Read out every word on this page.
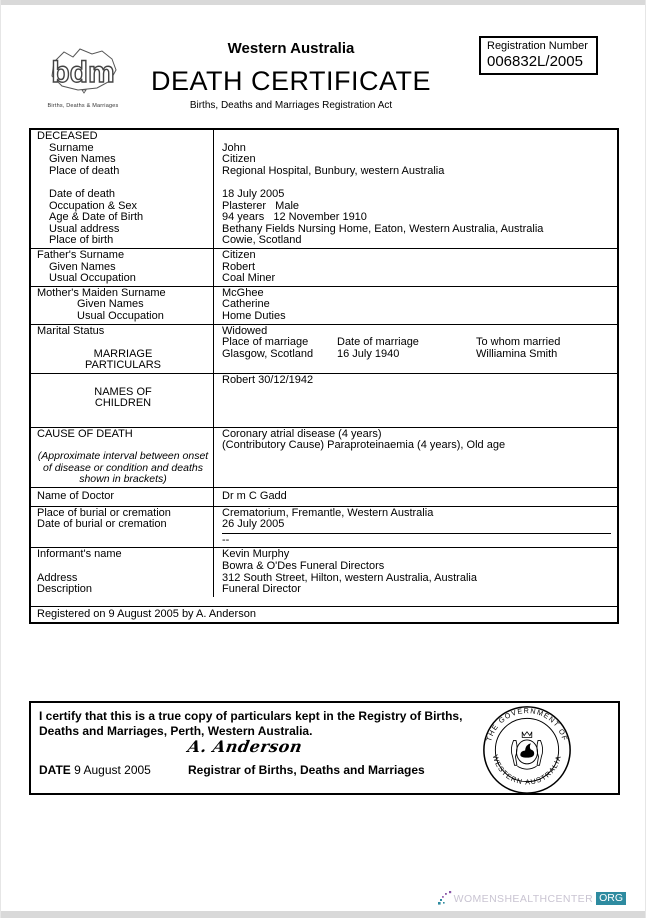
bdm
Births, Deaths & Marriages
Western Australia
DEATH CERTIFICATE
Births, Deaths and Marriages Registration Act
Registration Number
006832L/2005
DECEASED
Surname
Given Names
Place of death
Date of death
Occupation & Sex
Age & Date of Birth
Usual address
Place of birth
John
Citizen
Regional Hospital, Bunbury, western Australia
18 July 2005
Plasterer   Male
94 years   12 November 1910
Bethany Fields Nursing Home, Eaton, Western Australia, Australia
Cowie, Scotland
Father's Surname
Given Names
Usual Occupation
Citizen
Robert
Coal Miner
Mother's Maiden Surname
Given Names
Usual Occupation
McGhee
Catherine
Home Duties
Marital Status
MARRIAGE
PARTICULARS
Widowed
Place of marriage
Glasgow, Scotland
Date of marriage
16 July 1940
To whom married
Williamina Smith
NAMES OF
CHILDREN
Robert 30/12/1942
CAUSE OF DEATH
(Approximate interval between onset of disease or condition and deaths shown in brackets)
Coronary atrial disease (4 years)
(Contributory Cause) Paraproteinaemia (4 years), Old age
Name of Doctor	Dr m C Gadd
Place of burial or cremation
Date of burial or cremation
Crematorium, Fremantle, Western Australia
26 July 2005
--
Informant's name
Address
Description
Kevin Murphy
Bowra & O'Des Funeral Directors
312 South Street, Hilton, western Australia, Australia
Funeral Director
Registered on 9 August 2005 by A. Anderson
I certify that this is a true copy of particulars kept in the Registry of Births, Deaths and Marriages, Perth, Western Australia.
A. Anderson
DATE 9 August 2005	Registrar of Births, Deaths and Marriages
THE GOVERNMENT OF
WESTERN AUSTRALIA
WOMENSHEALTHCENTER ORG
